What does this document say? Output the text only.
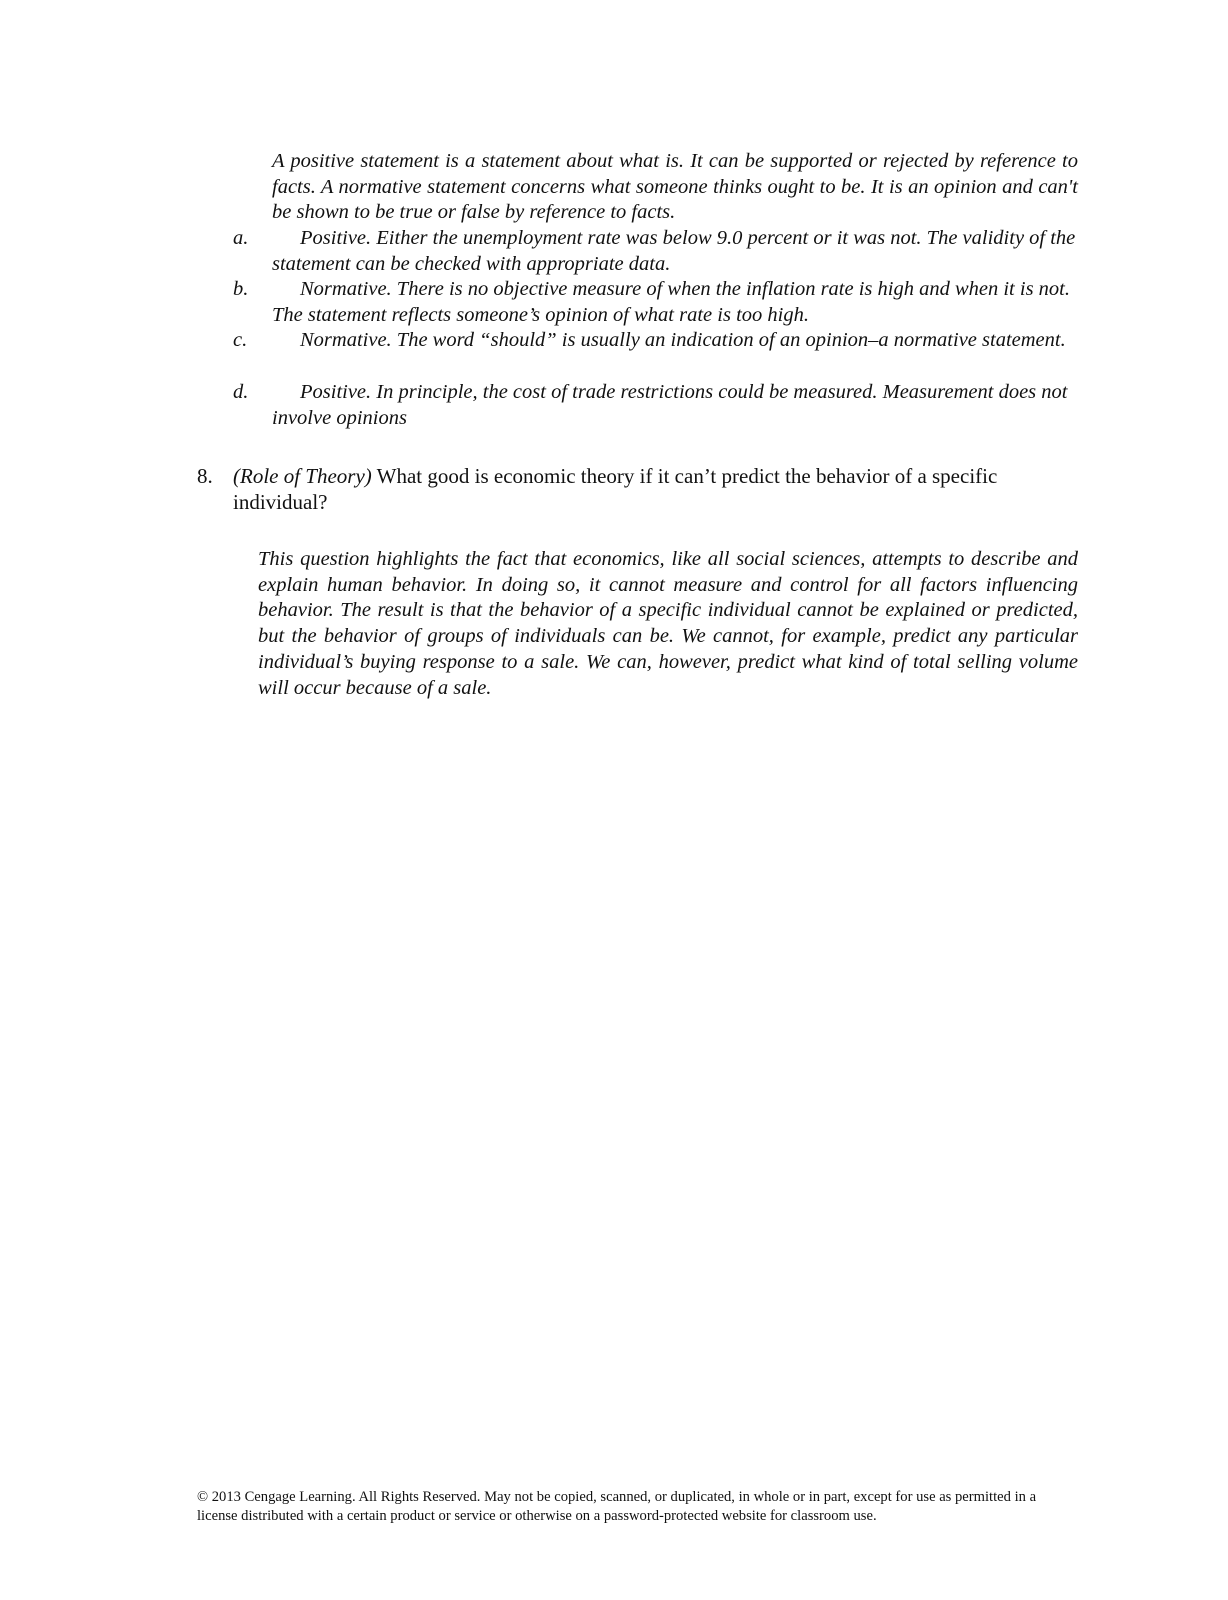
A positive statement is a statement about what is. It can be supported or rejected by reference to facts. A normative statement concerns what someone thinks ought to be. It is an opinion and can't be shown to be true or false by reference to facts.

a.	Positive. Either the unemployment rate was below 9.0 percent or it was not. The validity of the statement can be checked with appropriate data.
b.	Normative. There is no objective measure of when the inflation rate is high and when it is not. The statement reflects someone’s opinion of what rate is too high.
c.	Normative. The word “should” is usually an indication of an opinion–a normative statement.
d.	Positive. In principle, the cost of trade restrictions could be measured. Measurement does not involve opinions
8. (Role of Theory) What good is economic theory if it can’t predict the behavior of a specific individual?

This question highlights the fact that economics, like all social sciences, attempts to describe and explain human behavior. In doing so, it cannot measure and control for all factors influencing behavior. The result is that the behavior of a specific individual cannot be explained or predicted, but the behavior of groups of individuals can be. We cannot, for example, predict any particular individual’s buying response to a sale. We can, however, predict what kind of total selling volume will occur because of a sale.

© 2013 Cengage Learning. All Rights Reserved. May not be copied, scanned, or duplicated, in whole or in part, except for use as permitted in a license distributed with a certain product or service or otherwise on a password-protected website for classroom use.
